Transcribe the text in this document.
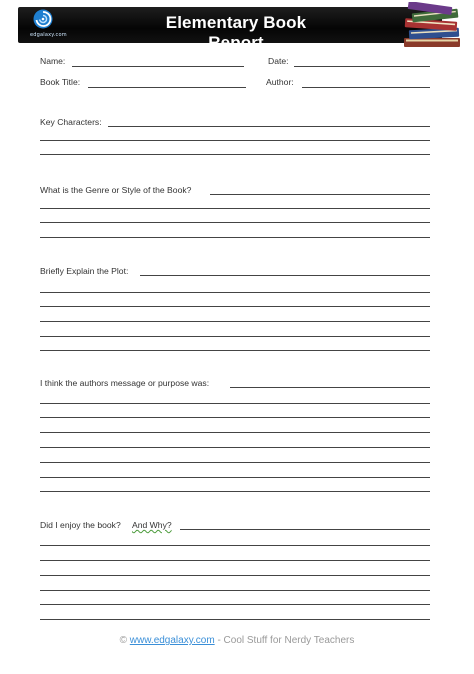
edgalaxy.com
Elementary Book Report
Name:	Date:
Book Title:	Author:
Key Characters:
What is the Genre or Style of the Book?
Briefly Explain the Plot:
I think the authors message or purpose was:
Did I enjoy the book? And Why?
© www.edgalaxy.com - Cool Stuff for Nerdy Teachers
